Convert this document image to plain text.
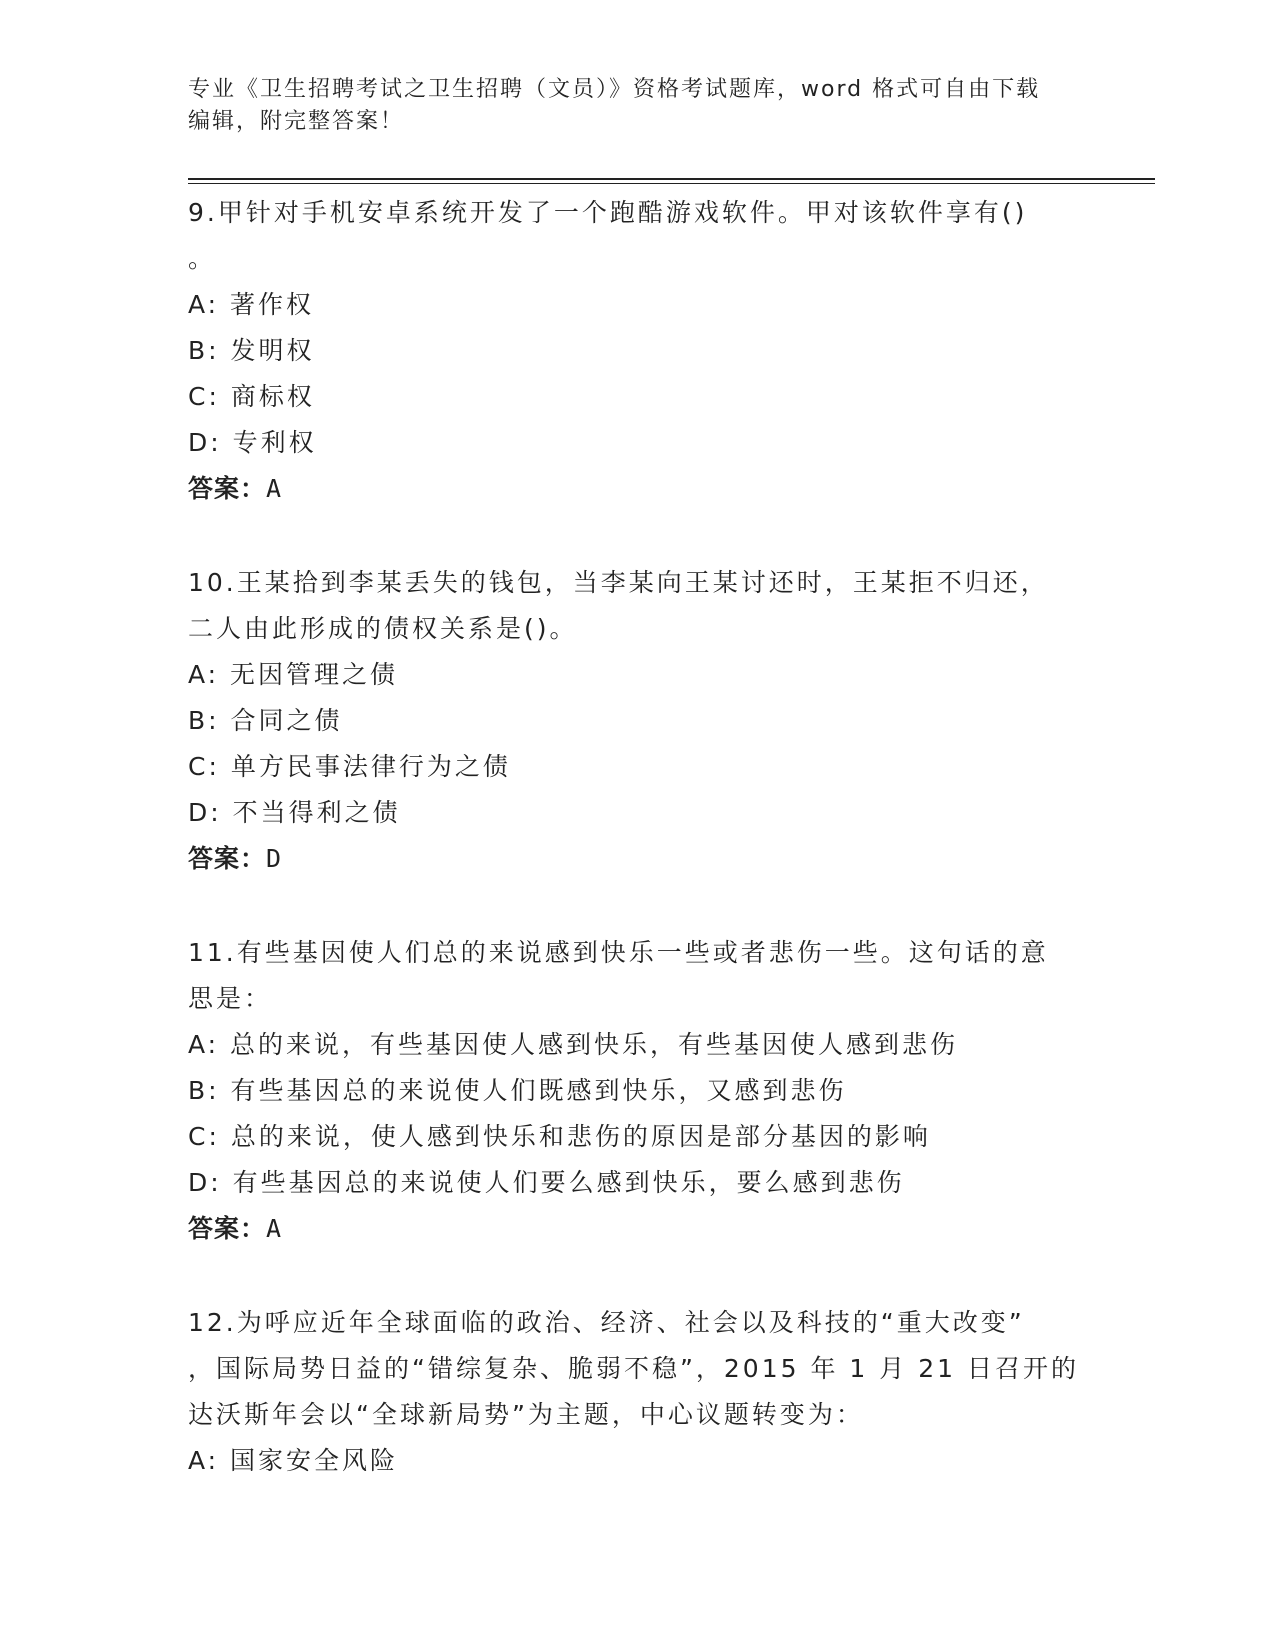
专业《卫生招聘考试之卫生招聘（文员）》资格考试题库，word 格式可自由下载
编辑，附完整答案！
9.甲针对手机安卓系统开发了一个跑酷游戏软件。甲对该软件享有()
。
A: 著作权
B: 发明权
C: 商标权
D: 专利权
答案：A
10.王某拾到李某丢失的钱包，当李某向王某讨还时，王某拒不归还，
二人由此形成的债权关系是()。
A: 无因管理之债
B: 合同之债
C: 单方民事法律行为之债
D: 不当得利之债
答案：D
11.有些基因使人们总的来说感到快乐一些或者悲伤一些。这句话的意
思是：
A: 总的来说，有些基因使人感到快乐，有些基因使人感到悲伤
B: 有些基因总的来说使人们既感到快乐，又感到悲伤
C: 总的来说，使人感到快乐和悲伤的原因是部分基因的影响
D: 有些基因总的来说使人们要么感到快乐，要么感到悲伤
答案：A
12.为呼应近年全球面临的政治、经济、社会以及科技的“重大改变”
，国际局势日益的“错综复杂、脆弱不稳”，2015 年 1 月 21 日召开的
达沃斯年会以“全球新局势”为主题，中心议题转变为：
A: 国家安全风险
